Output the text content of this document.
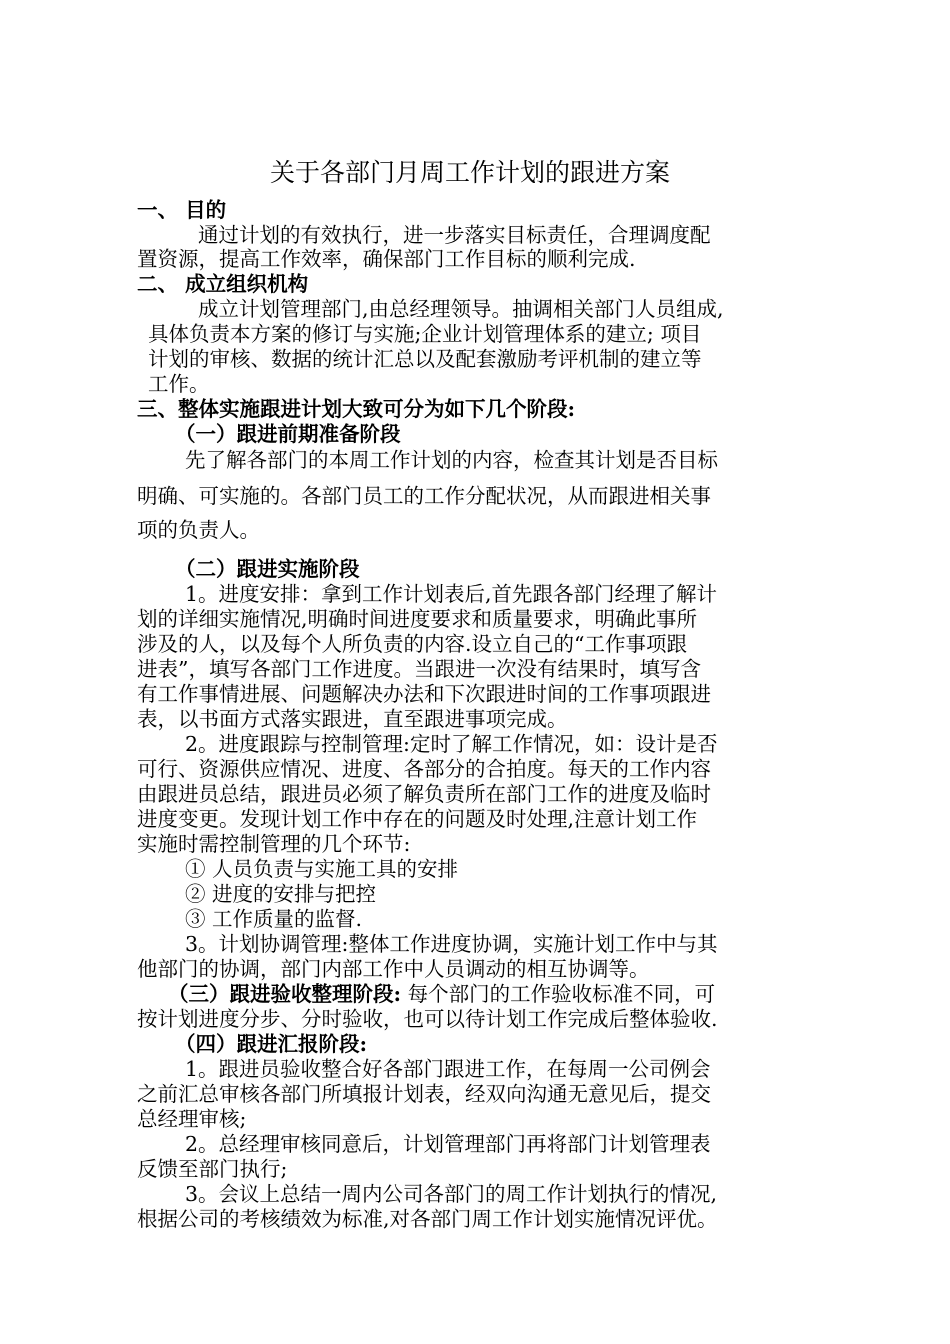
关于各部门月周工作计划的跟进方案
一、 目的
通过计划的有效执行，进一步落实目标责任，合理调度配
置资源，提高工作效率，确保部门工作目标的顺利完成.
二、 成立组织机构
成立计划管理部门,由总经理领导。抽调相关部门人员组成,
具体负责本方案的修订与实施;企业计划管理体系的建立; 项目
计划的审核、数据的统计汇总以及配套激励考评机制的建立等
工作。
三、整体实施跟进计划大致可分为如下几个阶段:
（一）跟进前期准备阶段
先了解各部门的本周工作计划的内容，检查其计划是否目标
明确、可实施的。各部门员工的工作分配状况，从而跟进相关事
项的负责人。
（二）跟进实施阶段
1。进度安排：拿到工作计划表后,首先跟各部门经理了解计
划的详细实施情况,明确时间进度要求和质量要求，明确此事所
涉及的人，以及每个人所负责的内容.设立自己的“工作事项跟
进表”，填写各部门工作进度。当跟进一次没有结果时，填写含
有工作事情进展、问题解决办法和下次跟进时间的工作事项跟进
表，以书面方式落实跟进，直至跟进事项完成。
2。进度跟踪与控制管理:定时了解工作情况，如：设计是否
可行、资源供应情况、进度、各部分的合拍度。每天的工作内容
由跟进员总结，跟进员必须了解负责所在部门工作的进度及临时
进度变更。发现计划工作中存在的问题及时处理,注意计划工作
实施时需控制管理的几个环节:
① 人员负责与实施工具的安排
② 进度的安排与把控
③ 工作质量的监督.
3。计划协调管理:整体工作进度协调，实施计划工作中与其
他部门的协调，部门内部工作中人员调动的相互协调等。
（三）跟进验收整理阶段: 每个部门的工作验收标准不同，可
按计划进度分步、分时验收，也可以待计划工作完成后整体验收.
（四）跟进汇报阶段:
1。跟进员验收整合好各部门跟进工作，在每周一公司例会
之前汇总审核各部门所填报计划表，经双向沟通无意见后，提交
总经理审核;
2。总经理审核同意后，计划管理部门再将部门计划管理表
反馈至部门执行;
3。会议上总结一周内公司各部门的周工作计划执行的情况,
根据公司的考核绩效为标准,对各部门周工作计划实施情况评优。
